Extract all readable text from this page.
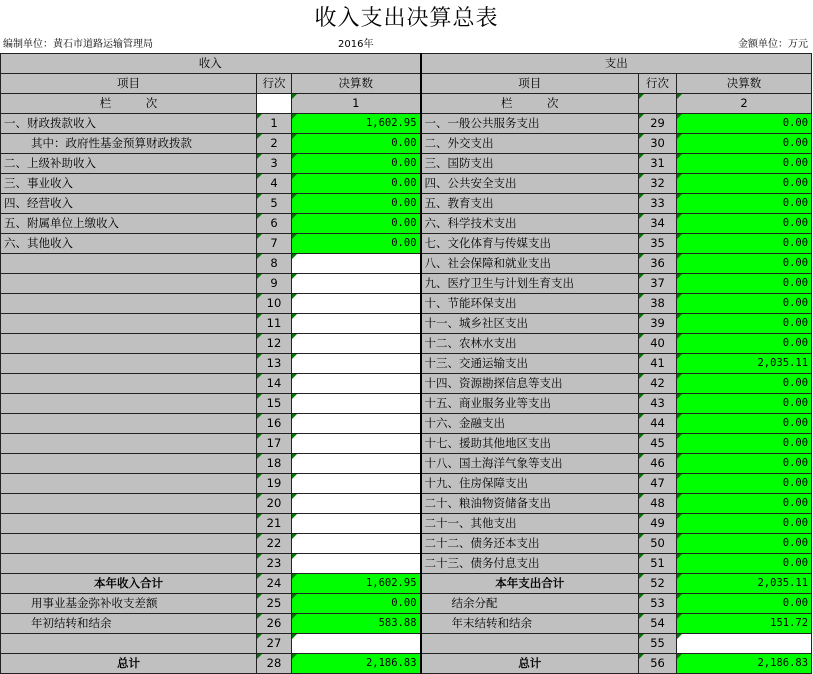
收入支出决算总表
编制单位：黄石市道路运输管理局	2016年	金额单位：万元
收入			支出		
项目	行次	决算数	项目	行次	决算数
栏　　　次		1	栏　　　次		2
一、财政拨款收入	1	1,602.95	一、一般公共服务支出	29	0.00
其中：政府性基金预算财政拨款	2	0.00	二、外交支出	30	0.00
二、上级补助收入	3	0.00	三、国防支出	31	0.00
三、事业收入	4	0.00	四、公共安全支出	32	0.00
四、经营收入	5	0.00	五、教育支出	33	0.00
五、附属单位上缴收入	6	0.00	六、科学技术支出	34	0.00
六、其他收入	7	0.00	七、文化体育与传媒支出	35	0.00
	8		八、社会保障和就业支出	36	0.00
	9		九、医疗卫生与计划生育支出	37	0.00
	10		十、节能环保支出	38	0.00
	11		十一、城乡社区支出	39	0.00
	12		十二、农林水支出	40	0.00
	13		十三、交通运输支出	41	2,035.11
	14		十四、资源勘探信息等支出	42	0.00
	15		十五、商业服务业等支出	43	0.00
	16		十六、金融支出	44	0.00
	17		十七、援助其他地区支出	45	0.00
	18		十八、国土海洋气象等支出	46	0.00
	19		十九、住房保障支出	47	0.00
	20		二十、粮油物资储备支出	48	0.00
	21		二十一、其他支出	49	0.00
	22		二十二、债务还本支出	50	0.00
	23		二十三、债务付息支出	51	0.00
本年收入合计	24	1,602.95	本年支出合计	52	2,035.11
用事业基金弥补收支差额	25	0.00	结余分配	53	0.00
年初结转和结余	26	583.88	年末结转和结余	54	151.72
	27			55	
总计	28	2,186.83	总计	56	2,186.83
